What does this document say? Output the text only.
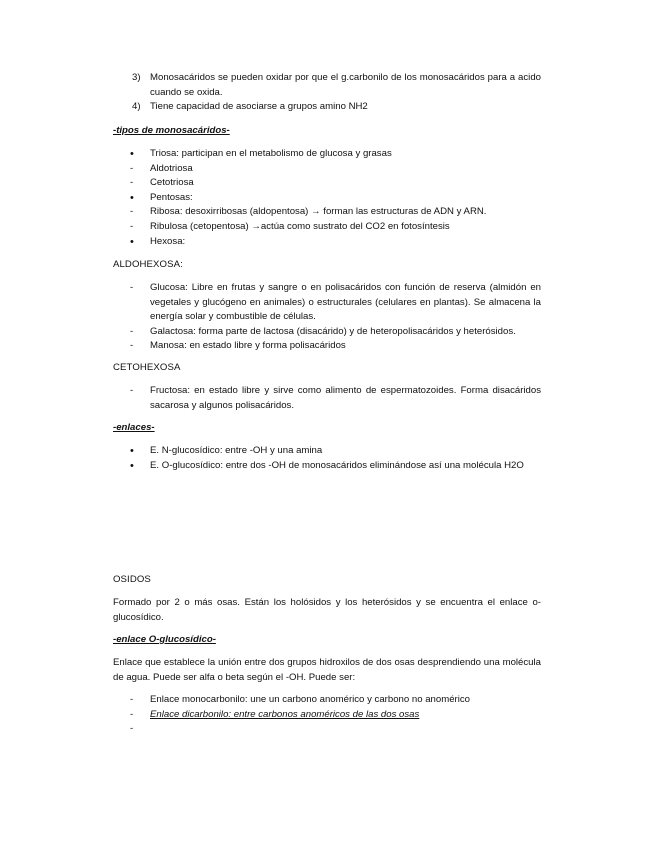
3) Monosacáridos se pueden oxidar por que el g.carbonilo de los monosacáridos para a acido cuando se oxida.
4) Tiene capacidad de asociarse a grupos amino NH2
-tipos de monosacáridos-
•	Triosa: participan en el metabolismo de glucosa y grasas
-	Aldotriosa
-	Cetotriosa
•	Pentosas:
-	Ribosa: desoxirribosas (aldopentosa) → forman las estructuras de ADN y ARN.
-	Ribulosa (cetopentosa) →actúa como sustrato del CO2 en fotosíntesis
•	Hexosa:
ALDOHEXOSA:
-	Glucosa: Libre en frutas y sangre o en polisacáridos con función de reserva (almidón en vegetales y glucógeno en animales) o estructurales (celulares en plantas). Se almacena la energía solar y combustible de células.
-	Galactosa: forma parte de lactosa (disacárido) y de heteropolisacáridos y heterósidos.
-	Manosa: en estado libre y forma polisacáridos
CETOHEXOSA
-	Fructosa: en estado libre y sirve como alimento de espermatozoides. Forma disacáridos sacarosa y algunos polisacáridos.
-enlaces-
•	E. N-glucosídico: entre -OH y una amina
•	E. O-glucosídico: entre dos -OH de monosacáridos eliminándose así una molécula H2O
OSIDOS
Formado por 2 o más osas. Están los holósidos y los heterósidos y se encuentra el enlace o-glucosídico.
-enlace O-glucosídico-
Enlace que establece la unión entre dos grupos hidroxilos de dos osas desprendiendo una molécula de agua. Puede ser alfa o beta según el -OH. Puede ser:
-	Enlace monocarbonilo: une un carbono anomérico y carbono no anomérico
-	Enlace dicarbonilo: entre carbonos anoméricos de las dos osas
-
